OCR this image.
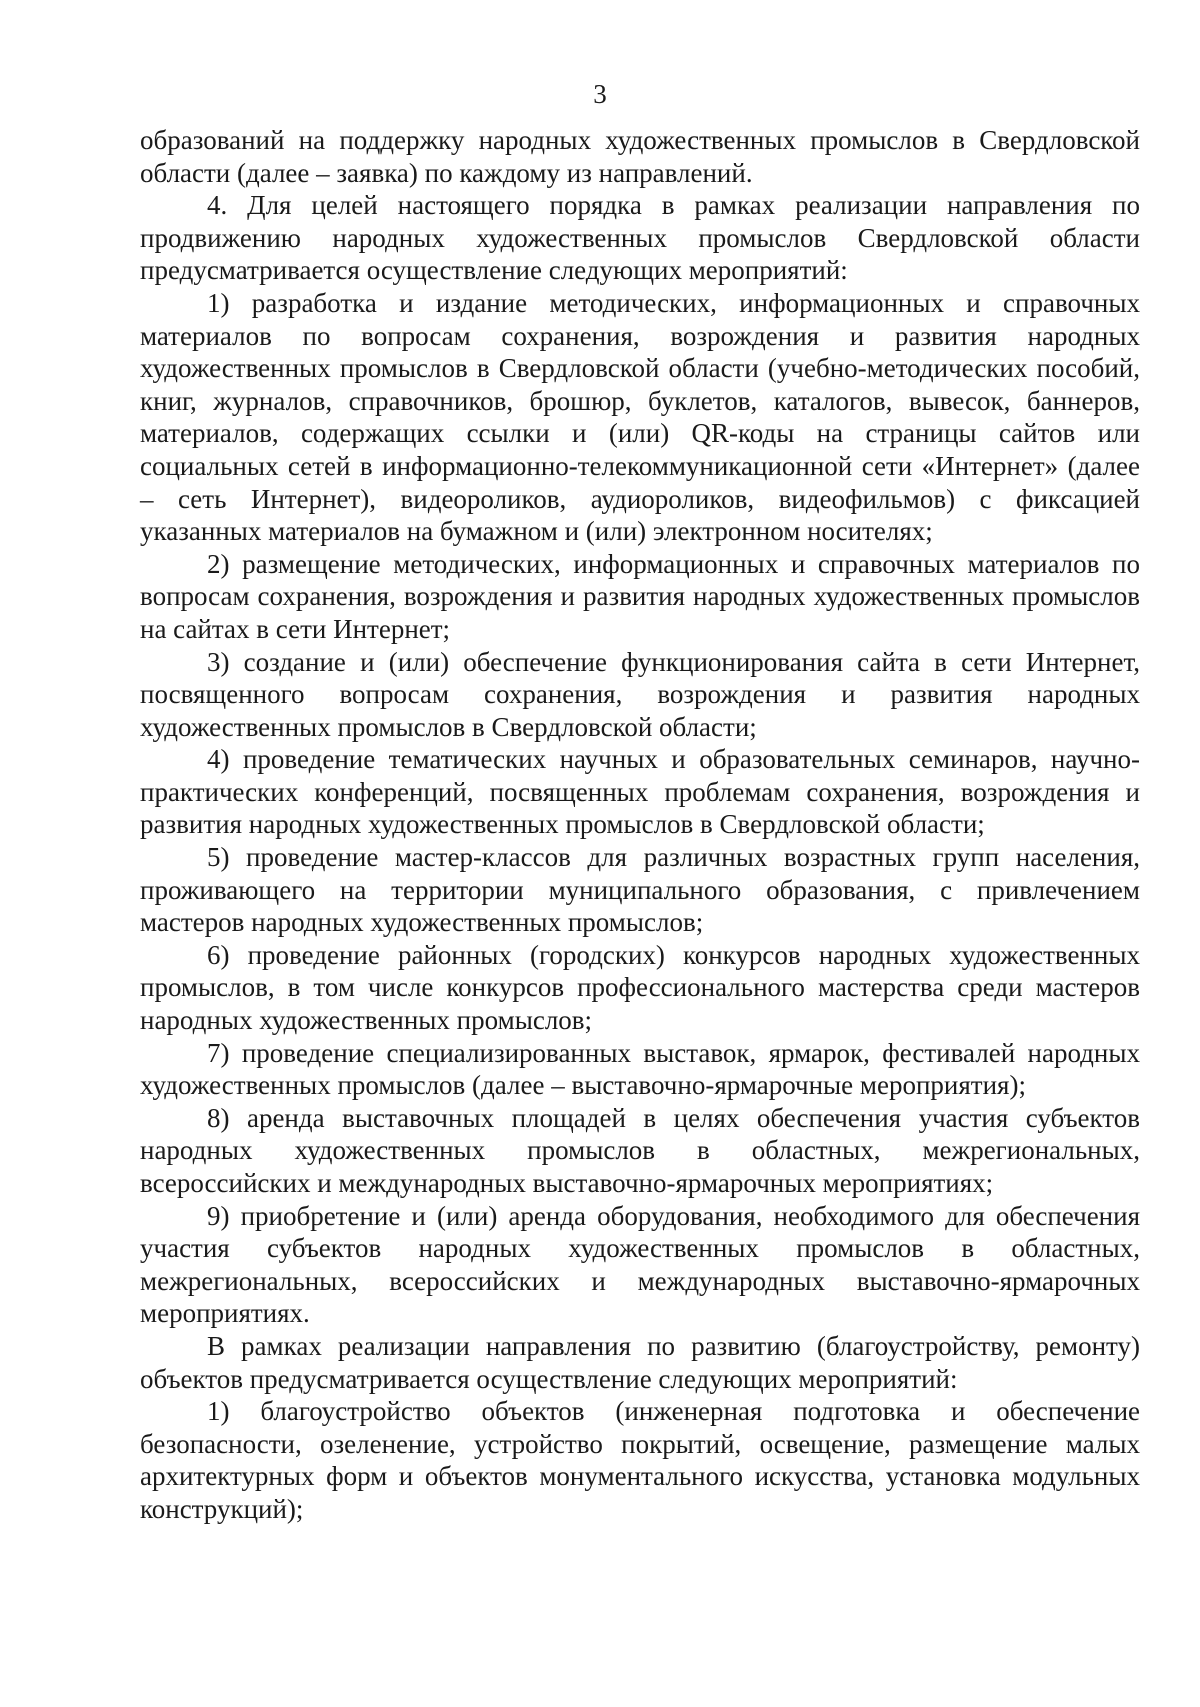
3

образований на поддержку народных художественных промыслов в Свердловской области (далее – заявка) по каждому из направлений.

4. Для целей настоящего порядка в рамках реализации направления по продвижению народных художественных промыслов Свердловской области предусматривается осуществление следующих мероприятий:

1) разработка и издание методических, информационных и справочных материалов по вопросам сохранения, возрождения и развития народных художественных промыслов в Свердловской области (учебно-методических пособий, книг, журналов, справочников, брошюр, буклетов, каталогов, вывесок, баннеров, материалов, содержащих ссылки и (или) QR-коды на страницы сайтов или социальных сетей в информационно-телекоммуникационной сети «Интернет» (далее – сеть Интернет), видеороликов, аудиороликов, видеофильмов) с фиксацией указанных материалов на бумажном и (или) электронном носителях;

2) размещение методических, информационных и справочных материалов по вопросам сохранения, возрождения и развития народных художественных промыслов на сайтах в сети Интернет;

3) создание и (или) обеспечение функционирования сайта в сети Интернет, посвященного вопросам сохранения, возрождения и развития народных художественных промыслов в Свердловской области;

4) проведение тематических научных и образовательных семинаров, научно-практических конференций, посвященных проблемам сохранения, возрождения и развития народных художественных промыслов в Свердловской области;

5) проведение мастер-классов для различных возрастных групп населения, проживающего на территории муниципального образования, с привлечением мастеров народных художественных промыслов;

6) проведение районных (городских) конкурсов народных художественных промыслов, в том числе конкурсов профессионального мастерства среди мастеров народных художественных промыслов;

7) проведение специализированных выставок, ярмарок, фестивалей народных художественных промыслов (далее – выставочно-ярмарочные мероприятия);

8) аренда выставочных площадей в целях обеспечения участия субъектов народных художественных промыслов в областных, межрегиональных, всероссийских и международных выставочно-ярмарочных мероприятиях;

9) приобретение и (или) аренда оборудования, необходимого для обеспечения участия субъектов народных художественных промыслов в областных, межрегиональных, всероссийских и международных выставочно-ярмарочных мероприятиях.

В рамках реализации направления по развитию (благоустройству, ремонту) объектов предусматривается осуществление следующих мероприятий:

1) благоустройство объектов (инженерная подготовка и обеспечение безопасности, озеленение, устройство покрытий, освещение, размещение малых архитектурных форм и объектов монументального искусства, установка модульных конструкций);
